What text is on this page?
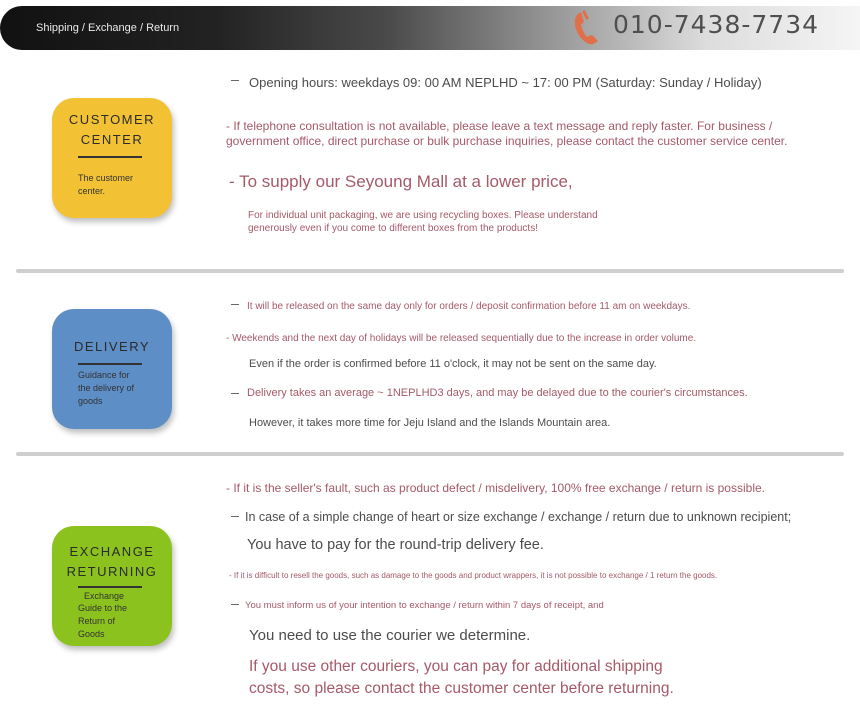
Shipping / Exchange / Return	010-7438-7734
CUSTOMER
CENTER
The customer center.
Opening hours: weekdays 09: 00 AM NEPLHD ~ 17: 00 PM (Saturday: Sunday / Holiday)
- If telephone consultation is not available, please leave a text message and reply faster. For business /
government office, direct purchase or bulk purchase inquiries, please contact the customer service center.
- To supply our Seyoung Mall at a lower price,
For individual unit packaging, we are using recycling boxes. Please understand
generously even if you come to different boxes from the products!
DELIVERY
Guidance for the delivery of goods
It will be released on the same day only for orders / deposit confirmation before 11 am on weekdays.
- Weekends and the next day of holidays will be released sequentially due to the increase in order volume.
Even if the order is confirmed before 11 o'clock, it may not be sent on the same day.
Delivery takes an average ~ 1NEPLHD3 days, and may be delayed due to the courier's circumstances.
However, it takes more time for Jeju Island and the Islands Mountain area.
EXCHANGE
RETURNING
Exchange
Guide to the
Return of
Goods
- If it is the seller's fault, such as product defect / misdelivery, 100% free exchange / return is possible.
In case of a simple change of heart or size exchange / exchange / return due to unknown recipient;
You have to pay for the round-trip delivery fee.
- If it is difficult to resell the goods, such as damage to the goods and product wrappers, it is not possible to exchange / 1 return the goods.
You must inform us of your intention to exchange / return within 7 days of receipt, and
You need to use the courier we determine.
If you use other couriers, you can pay for additional shipping
costs, so please contact the customer center before returning.
